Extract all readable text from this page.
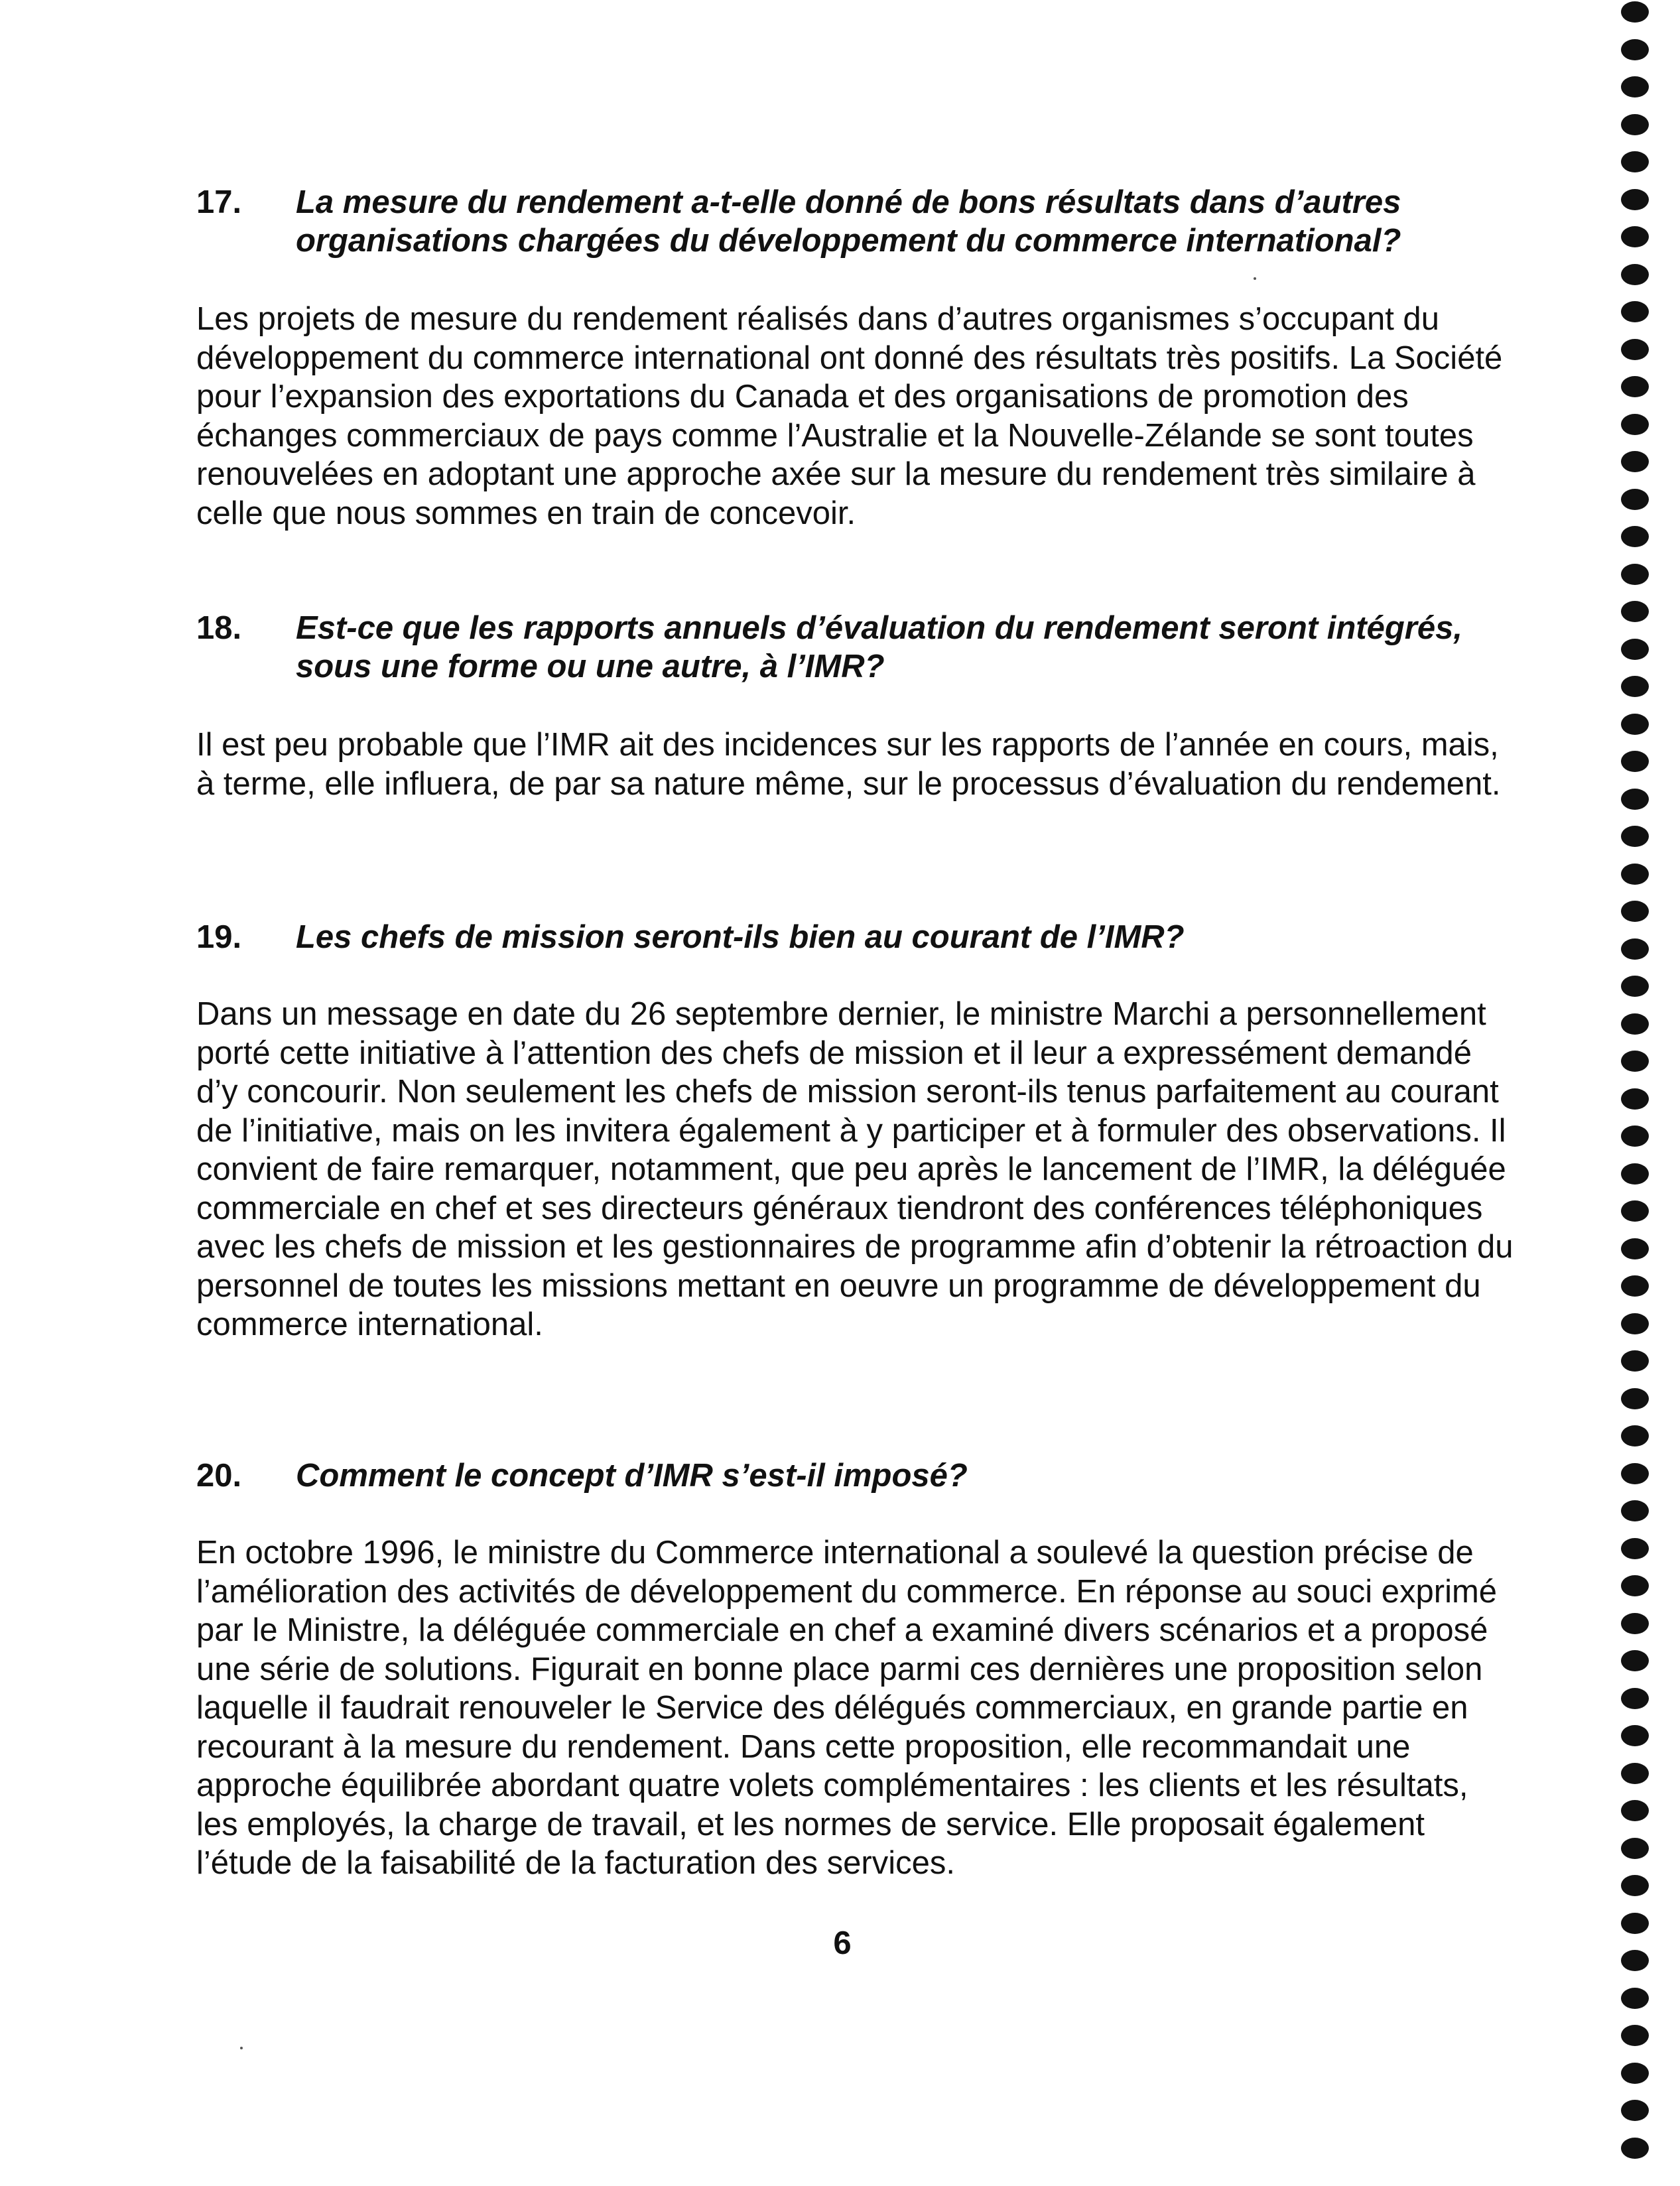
17. La mesure du rendement a-t-elle donné de bons résultats dans d’autres organisations chargées du développement du commerce international?

Les projets de mesure du rendement réalisés dans d’autres organismes s’occupant du développement du commerce international ont donné des résultats très positifs. La Société pour l’expansion des exportations du Canada et des organisations de promotion des échanges commerciaux de pays comme l’Australie et la Nouvelle-Zélande se sont toutes renouvelées en adoptant une approche axée sur la mesure du rendement très similaire à celle que nous sommes en train de concevoir.

18. Est-ce que les rapports annuels d’évaluation du rendement seront intégrés, sous une forme ou une autre, à l’IMR?

Il est peu probable que l’IMR ait des incidences sur les rapports de l’année en cours, mais, à terme, elle influera, de par sa nature même, sur le processus d’évaluation du rendement.

19. Les chefs de mission seront-ils bien au courant de l’IMR?

Dans un message en date du 26 septembre dernier, le ministre Marchi a personnellement porté cette initiative à l’attention des chefs de mission et il leur a expressément demandé d’y concourir. Non seulement les chefs de mission seront-ils tenus parfaitement au courant de l’initiative, mais on les invitera également à y participer et à formuler des observations. Il convient de faire remarquer, notamment, que peu après le lancement de l’IMR, la déléguée commerciale en chef et ses directeurs généraux tiendront des conférences téléphoniques avec les chefs de mission et les gestionnaires de programme afin d’obtenir la rétroaction du personnel de toutes les missions mettant en oeuvre un programme de développement du commerce international.

20. Comment le concept d’IMR s’est-il imposé?

En octobre 1996, le ministre du Commerce international a soulevé la question précise de l’amélioration des activités de développement du commerce. En réponse au souci exprimé par le Ministre, la déléguée commerciale en chef a examiné divers scénarios et a proposé une série de solutions. Figurait en bonne place parmi ces dernières une proposition selon laquelle il faudrait renouveler le Service des délégués commerciaux, en grande partie en recourant à la mesure du rendement. Dans cette proposition, elle recommandait une approche équilibrée abordant quatre volets complémentaires : les clients et les résultats, les employés, la charge de travail, et les normes de service. Elle proposait également l’étude de la faisabilité de la facturation des services.

6
